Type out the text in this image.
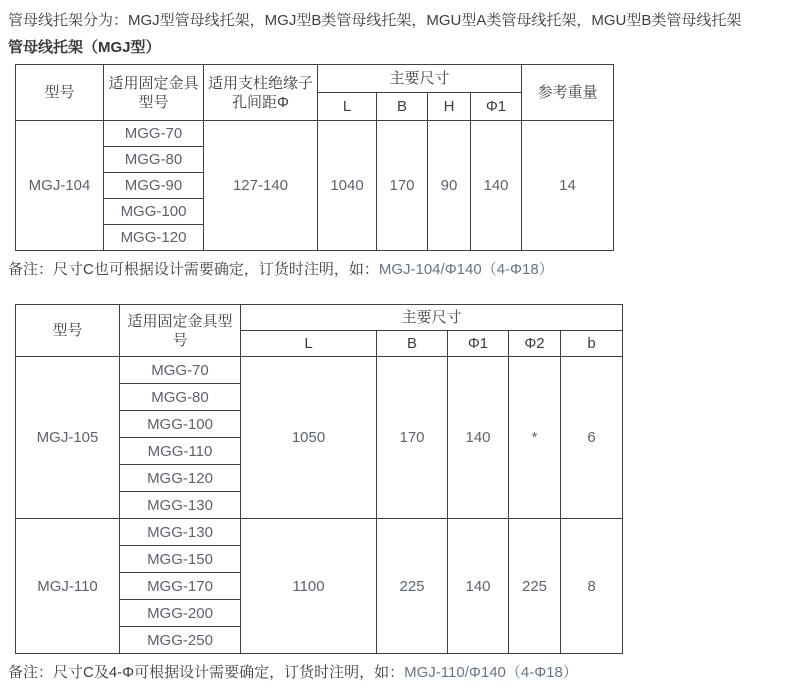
管母线托架分为：MGJ型管母线托架，MGJ型B类管母线托架，MGU型A类管母线托架，MGU型B类管母线托架

管母线托架（MGJ型）

型号	适用固定金具型号	适用支柱绝缘子孔间距Φ	主要尺寸				参考重量
			L	B	H	Φ1	
MGJ-104	MGG-70	127-140	1040	170	90	140	14
	MGG-80						
	MGG-90						
	MGG-100						
	MGG-120						

备注：尺寸C也可根据设计需要确定，订货时注明，如：MGJ-104/Φ140（4-Φ18）

型号	适用固定金具型号	主要尺寸				
		L	B	Φ1	Φ2	b
MGJ-105	MGG-70	1050	170	140	*	6
	MGG-80					
	MGG-100					
	MGG-110					
	MGG-120					
	MGG-130					
MGJ-110	MGG-130	1100	225	140	225	8
	MGG-150					
	MGG-170					
	MGG-200					
	MGG-250					

备注：尺寸C及4-Φ可根据设计需要确定，订货时注明，如：MGJ-110/Φ140（4-Φ18）
